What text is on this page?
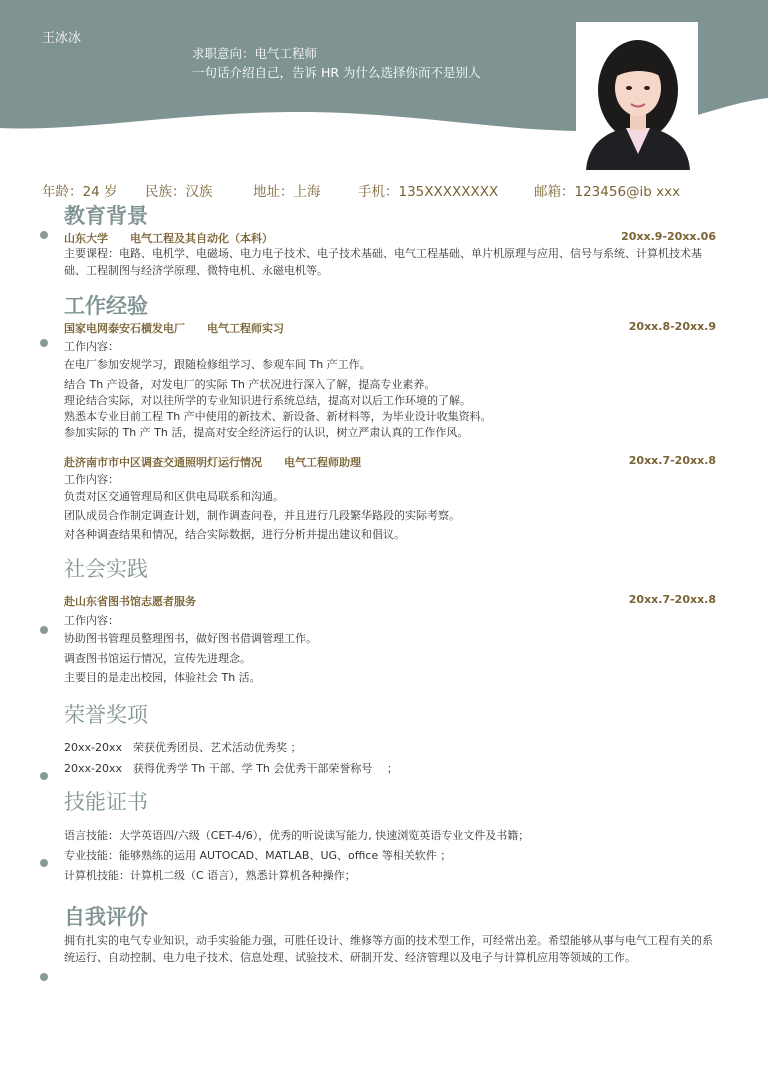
王冰冰
求职意向：电气工程师
一句话介绍自己，告诉 HR 为什么选择你而不是别人
年龄：24 岁 民族：汉族	地址：上海	手机：135XXXXXXXX	邮箱：123456@ib xxx
教育背景
山东大学 电气工程及其自动化（本科）	20xx.9-20xx.06
主要课程：电路、电机学、电磁场、电力电子技术、电子技术基础、电气工程基础、单片机原理与应用、信号与系统、计算机技术基础、工程制图与经济学原理、微特电机、永磁电机等。
工作经验
国家电网泰安石横发电厂 电气工程师实习	20xx.8-20xx.9
工作内容：
在电厂参加安规学习，跟随检修组学习、参观车间 Th 产工作。
结合 Th 产设备，对发电厂的实际 Th 产状况进行深入了解，提高专业素养。
理论结合实际，对以往所学的专业知识进行系统总结，提高对以后工作环境的了解。
熟悉本专业目前工程 Th 产中使用的新技术、新设备、新材料等，为毕业设计收集资料。
参加实际的 Th 产 Th 活，提高对安全经济运行的认识，树立严肃认真的工作作风。
赴济南市市中区调查交通照明灯运行情况 电气工程师助理	20xx.7-20xx.8
工作内容：
负责对区交通管理局和区供电局联系和沟通。
团队成员合作制定调查计划，制作调查问卷，并且进行几段繁华路段的实际考察。
对各种调查结果和情况，结合实际数据，进行分析并提出建议和倡议。
社会实践
赴山东省图书馆志愿者服务	20xx.7-20xx.8
工作内容：
协助图书管理员整理图书，做好图书借调管理工作。
调查图书馆运行情况，宣传先进理念。
主要目的是走出校园，体验社会 Th 活。
荣誉奖项
20xx-20xx　荣获优秀团员、艺术活动优秀奖 ；
20xx-20xx　获得优秀学 Th 干部、学 Th 会优秀干部荣誉称号　 ；
技能证书
语言技能：大学英语四/六级（CET-4/6），优秀的听说读写能力, 快速浏览英语专业文件及书籍；
专业技能：能够熟练的运用 AUTOCAD、MATLAB、UG、office 等相关软件 ；
计算机技能：计算机二级（C 语言），熟悉计算机各种操作；
自我评价
拥有扎实的电气专业知识，动手实验能力强，可胜任设计、维修等方面的技术型工作，可经常出差。希望能够从事与电气工程有关的系统运行、自动控制、电力电子技术、信息处理、试验技术、研制开发、经济管理以及电子与计算机应用等领域的工作。
